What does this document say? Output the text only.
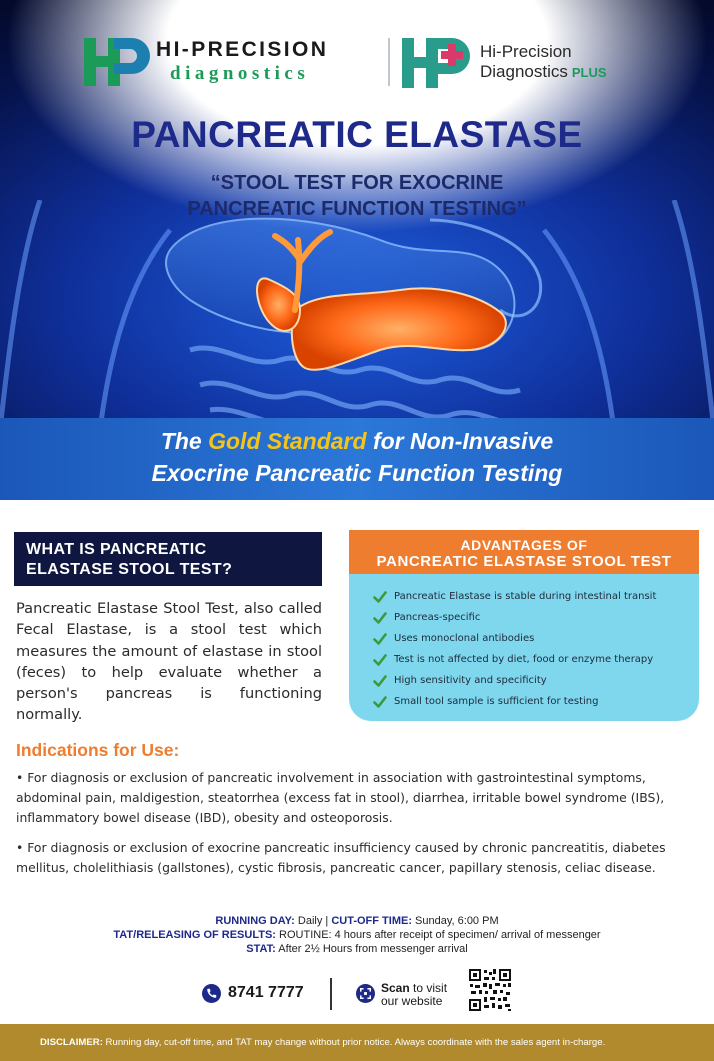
HI-PRECISION
diagnostics
Hi-Precision
Diagnostics PLUS
PANCREATIC ELASTASE
“STOOL TEST FOR EXOCRINE
PANCREATIC FUNCTION TESTING”
The Gold Standard for Non-Invasive
Exocrine Pancreatic Function Testing
WHAT IS PANCREATIC
ELASTASE STOOL TEST?

Pancreatic Elastase Stool Test, also called Fecal Elastase, is a stool test which measures the amount of elastase in stool (feces) to help evaluate whether a person's pancreas is functioning normally.

ADVANTAGES OF
PANCREATIC ELASTASE STOOL TEST
Pancreatic Elastase is stable during intestinal transit
Pancreas-specific
Uses monoclonal antibodies
Test is not affected by diet, food or enzyme therapy
High sensitivity and specificity
Small tool sample is sufficient for testing
Indications for Use:

• For diagnosis or exclusion of pancreatic involvement in association with gastrointestinal symptoms, abdominal pain, maldigestion, steatorrhea (excess fat in stool), diarrhea, irritable bowel syndrome (IBS), inflammatory bowel disease (IBD), obesity and osteoporosis.

• For diagnosis or exclusion of exocrine pancreatic insufficiency caused by chronic pancreatitis, diabetes mellitus, cholelithiasis (gallstones), cystic fibrosis, pancreatic cancer, papillary stenosis, celiac disease.

RUNNING DAY: Daily | CUT-OFF TIME: Sunday, 6:00 PM
TAT/RELEASING OF RESULTS: ROUTINE: 4 hours after receipt of specimen/ arrival of messenger
STAT: After 2½ Hours from messenger arrival
8741 7777	Scan to visit
our website
DISCLAIMER: Running day, cut-off time, and TAT may change without prior notice. Always coordinate with the sales agent in-charge.
